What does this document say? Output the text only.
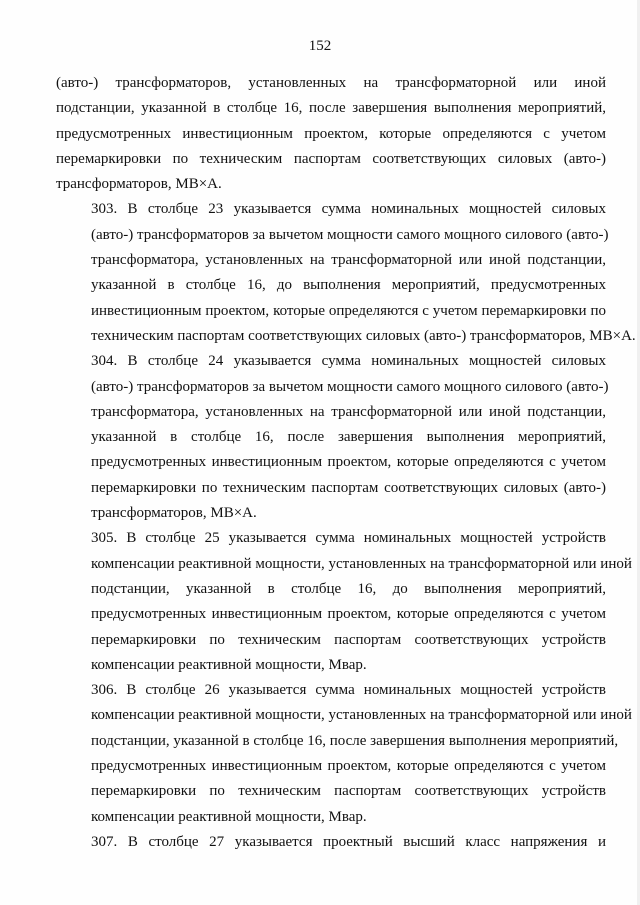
152

(авто-) трансформаторов, установленных на трансформаторной или иной
подстанции, указанной в столбце 16, после завершения выполнения мероприятий,
предусмотренных инвестиционным проектом, которые определяются с учетом
перемаркировки по техническим паспортам соответствующих силовых (авто-)
трансформаторов, МВ×А.

303. В столбце 23 указывается сумма номинальных мощностей силовых
(авто-) трансформаторов за вычетом мощности самого мощного силового (авто-)
трансформатора, установленных на трансформаторной или иной подстанции,
указанной в столбце 16, до выполнения мероприятий, предусмотренных
инвестиционным проектом, которые определяются с учетом перемаркировки по
техническим паспортам соответствующих силовых (авто-) трансформаторов, МВ×А.

304. В столбце 24 указывается сумма номинальных мощностей силовых
(авто-) трансформаторов за вычетом мощности самого мощного силового (авто-)
трансформатора, установленных на трансформаторной или иной подстанции,
указанной в столбце 16, после завершения выполнения мероприятий,
предусмотренных инвестиционным проектом, которые определяются с учетом
перемаркировки по техническим паспортам соответствующих силовых (авто-)
трансформаторов, МВ×А.

305. В столбце 25 указывается сумма номинальных мощностей устройств
компенсации реактивной мощности, установленных на трансформаторной или иной
подстанции, указанной в столбце 16, до выполнения мероприятий,
предусмотренных инвестиционным проектом, которые определяются с учетом
перемаркировки по техническим паспортам соответствующих устройств
компенсации реактивной мощности, Мвар.

306. В столбце 26 указывается сумма номинальных мощностей устройств
компенсации реактивной мощности, установленных на трансформаторной или иной
подстанции, указанной в столбце 16, после завершения выполнения мероприятий,
предусмотренных инвестиционным проектом, которые определяются с учетом
перемаркировки по техническим паспортам соответствующих устройств
компенсации реактивной мощности, Мвар.

307. В столбце 27 указывается проектный высший класс напряжения и
